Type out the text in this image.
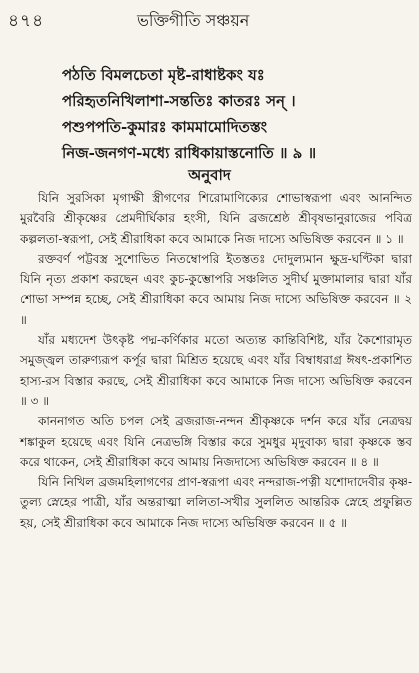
৪৭৪	ভক্তিগীতি সঞ্চয়ন
পঠতি বিমলচেতা মৃষ্ট-রাধাষ্টকং যঃ
পরিহৃতনিখিলাশা-সন্ততিঃ কাতরঃ সন্ ।
পশুপপতি-কুমারঃ কামমামোদিতস্তং
নিজ-জনগণ-মধ্যে রাধিকায়াস্তনোতি ॥ ৯ ॥
অনুবাদ

যিনি সুরসিকা মৃগাক্ষী স্ত্রীগণের শিরোমাণিক্যের শোভাস্বরূপা এবং আনন্দিত মুরবৈরি শ্রীকৃষ্ণের প্রেমদীর্ঘিকার হংসী, যিনি ব্রজশ্রেষ্ঠ শ্রীবৃষভানুরাজের পবিত্র কল্পলতা-স্বরূপা, সেই শ্রীরাধিকা কবে আমাকে নিজ দাস্যে অভিষিক্ত করবেন ॥ ১ ॥

রক্তবর্ণ পট্টবস্ত্র সুশোভিত নিতম্বোপরি ইতস্ততঃ দোদুল্যমান ক্ষুদ্র-ঘণ্টিকা দ্বারা যিনি নৃত্য প্রকাশ করছেন এবং কুচ-কুম্ভোপরি সঞ্চলিত সুদীর্ঘ মুক্তামালার দ্বারা যাঁর শোভা সম্পন্ন হচ্ছে, সেই শ্রীরাধিকা কবে আমায় নিজ দাস্যে অভিষিক্ত করবেন ॥ ২ ॥

যাঁর মধ্যদেশ উৎকৃষ্ট পদ্ম-কর্ণিকার মতো অত্যন্ত কান্তিবিশিষ্ট, যাঁর কৈশোরামৃত সমুজ্জ্বল তারুণ্যরূপ কর্পূর দ্বারা মিশ্রিত হয়েছে এবং যাঁর বিম্বাধরাগ্র ঈষৎ-প্রকাশিত হাস্য-রস বিস্তার করছে, সেই শ্রীরাধিকা কবে আমাকে নিজ দাস্যে অভিষিক্ত করবেন ॥ ৩ ॥

কাননাগত অতি চপল সেই ব্রজরাজ-নন্দন শ্রীকৃষ্ণকে দর্শন করে যাঁর নেত্রদ্বয় শঙ্কাকুল হয়েছে এবং যিনি নেত্রভঙ্গি বিস্তার করে সুমধুর মৃদুবাক্য দ্বারা কৃষ্ণকে স্তব করে থাকেন, সেই শ্রীরাধিকা কবে আমায় নিজদাস্যে অভিষিক্ত করবেন ॥ ৪ ॥

যিনি নিখিল ব্রজমহিলাগণের প্রাণ-স্বরূপা এবং নন্দরাজ-পত্নী যশোদাদেবীর কৃষ্ণ-তুল্য স্নেহের পাত্রী, যাঁর অন্তরাত্মা ললিতা-সখীর সুললিত আন্তরিক স্নেহে প্রফুল্লিত হয়, সেই শ্রীরাধিকা কবে আমাকে নিজ দাস্যে অভিষিক্ত করবেন ॥ ৫ ॥
